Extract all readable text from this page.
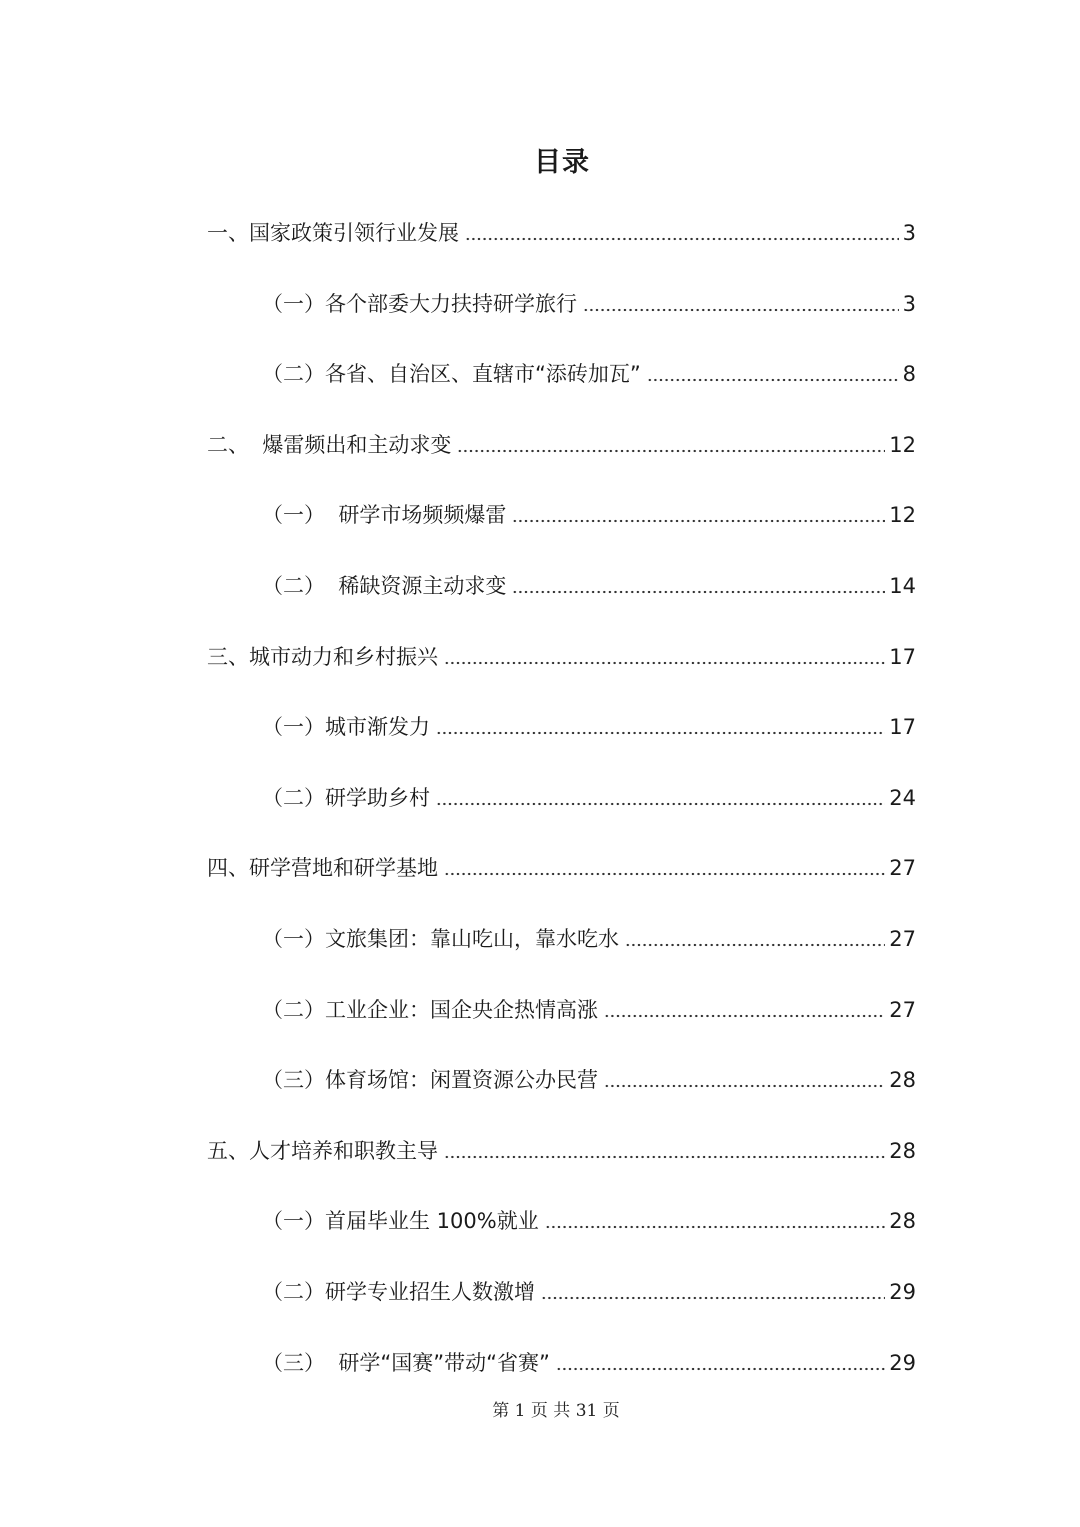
目录
一、国家政策引领行业发展	3
（一）各个部委大力扶持研学旅行	3
（二）各省、自治区、直辖市“添砖加瓦”	8
二、  爆雷频出和主动求变	12
（一）  研学市场频频爆雷	12
（二）  稀缺资源主动求变	14
三、城市动力和乡村振兴	17
（一）城市渐发力	17
（二）研学助乡村	24
四、研学营地和研学基地	27
（一）文旅集团：靠山吃山，靠水吃水	27
（二）工业企业：国企央企热情高涨	27
（三）体育场馆：闲置资源公办民营	28
五、人才培养和职教主导	28
（一）首届毕业生 100%就业	28
（二）研学专业招生人数激增	29
（三）  研学“国赛”带动“省赛”	29
第 1 页 共 31 页
